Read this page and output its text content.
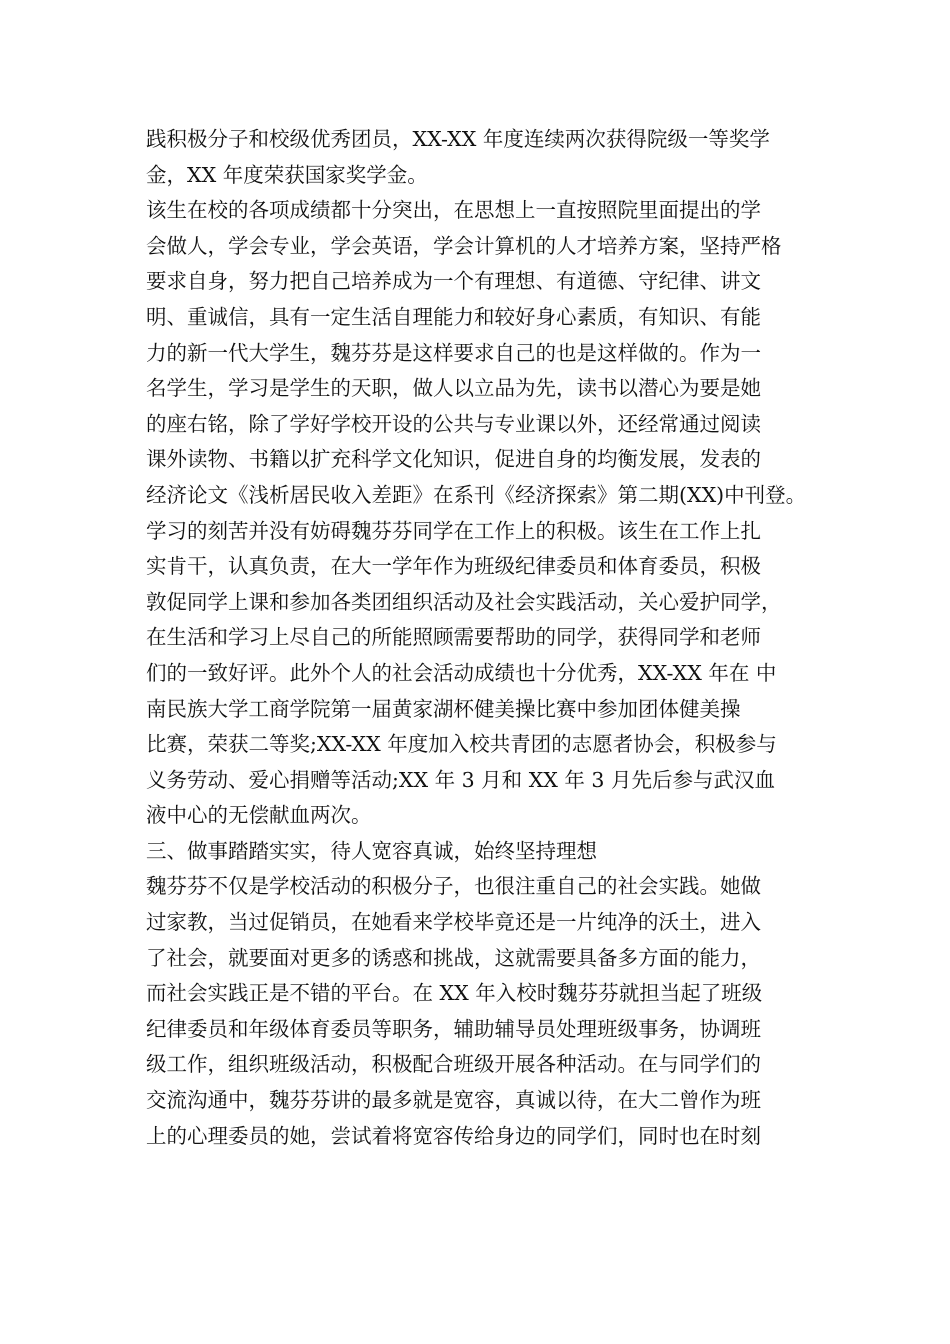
践积极分子和校级优秀团员，XX-XX 年度连续两次获得院级一等奖学
金，XX 年度荣获国家奖学金。
该生在校的各项成绩都十分突出，在思想上一直按照院里面提出的学
会做人，学会专业，学会英语，学会计算机的人才培养方案，坚持严格
要求自身，努力把自己培养成为一个有理想、有道德、守纪律、讲文
明、重诚信，具有一定生活自理能力和较好身心素质，有知识、有能
力的新一代大学生，魏芬芬是这样要求自己的也是这样做的。作为一
名学生，学习是学生的天职，做人以立品为先，读书以潜心为要是她
的座右铭，除了学好学校开设的公共与专业课以外，还经常通过阅读
课外读物、书籍以扩充科学文化知识，促进自身的均衡发展，发表的
经济论文《浅析居民收入差距》在系刊《经济探索》第二期(XX)中刊登。
学习的刻苦并没有妨碍魏芬芬同学在工作上的积极。该生在工作上扎
实肯干，认真负责，在大一学年作为班级纪律委员和体育委员，积极
敦促同学上课和参加各类团组织活动及社会实践活动，关心爱护同学，
在生活和学习上尽自己的所能照顾需要帮助的同学，获得同学和老师
们的一致好评。此外个人的社会活动成绩也十分优秀，XX-XX 年在 中
南民族大学工商学院第一届黄家湖杯健美操比赛中参加团体健美操
比赛，荣获二等奖;XX-XX 年度加入校共青团的志愿者协会，积极参与
义务劳动、爱心捐赠等活动;XX 年 3 月和 XX 年 3 月先后参与武汉血
液中心的无偿献血两次。
三、做事踏踏实实，待人宽容真诚，始终坚持理想
魏芬芬不仅是学校活动的积极分子，也很注重自己的社会实践。她做
过家教，当过促销员，在她看来学校毕竟还是一片纯净的沃土，进入
了社会，就要面对更多的诱惑和挑战，这就需要具备多方面的能力，
而社会实践正是不错的平台。在 XX 年入校时魏芬芬就担当起了班级
纪律委员和年级体育委员等职务，辅助辅导员处理班级事务，协调班
级工作，组织班级活动，积极配合班级开展各种活动。在与同学们的
交流沟通中，魏芬芬讲的最多就是宽容，真诚以待，在大二曾作为班
上的心理委员的她，尝试着将宽容传给身边的同学们，同时也在时刻
